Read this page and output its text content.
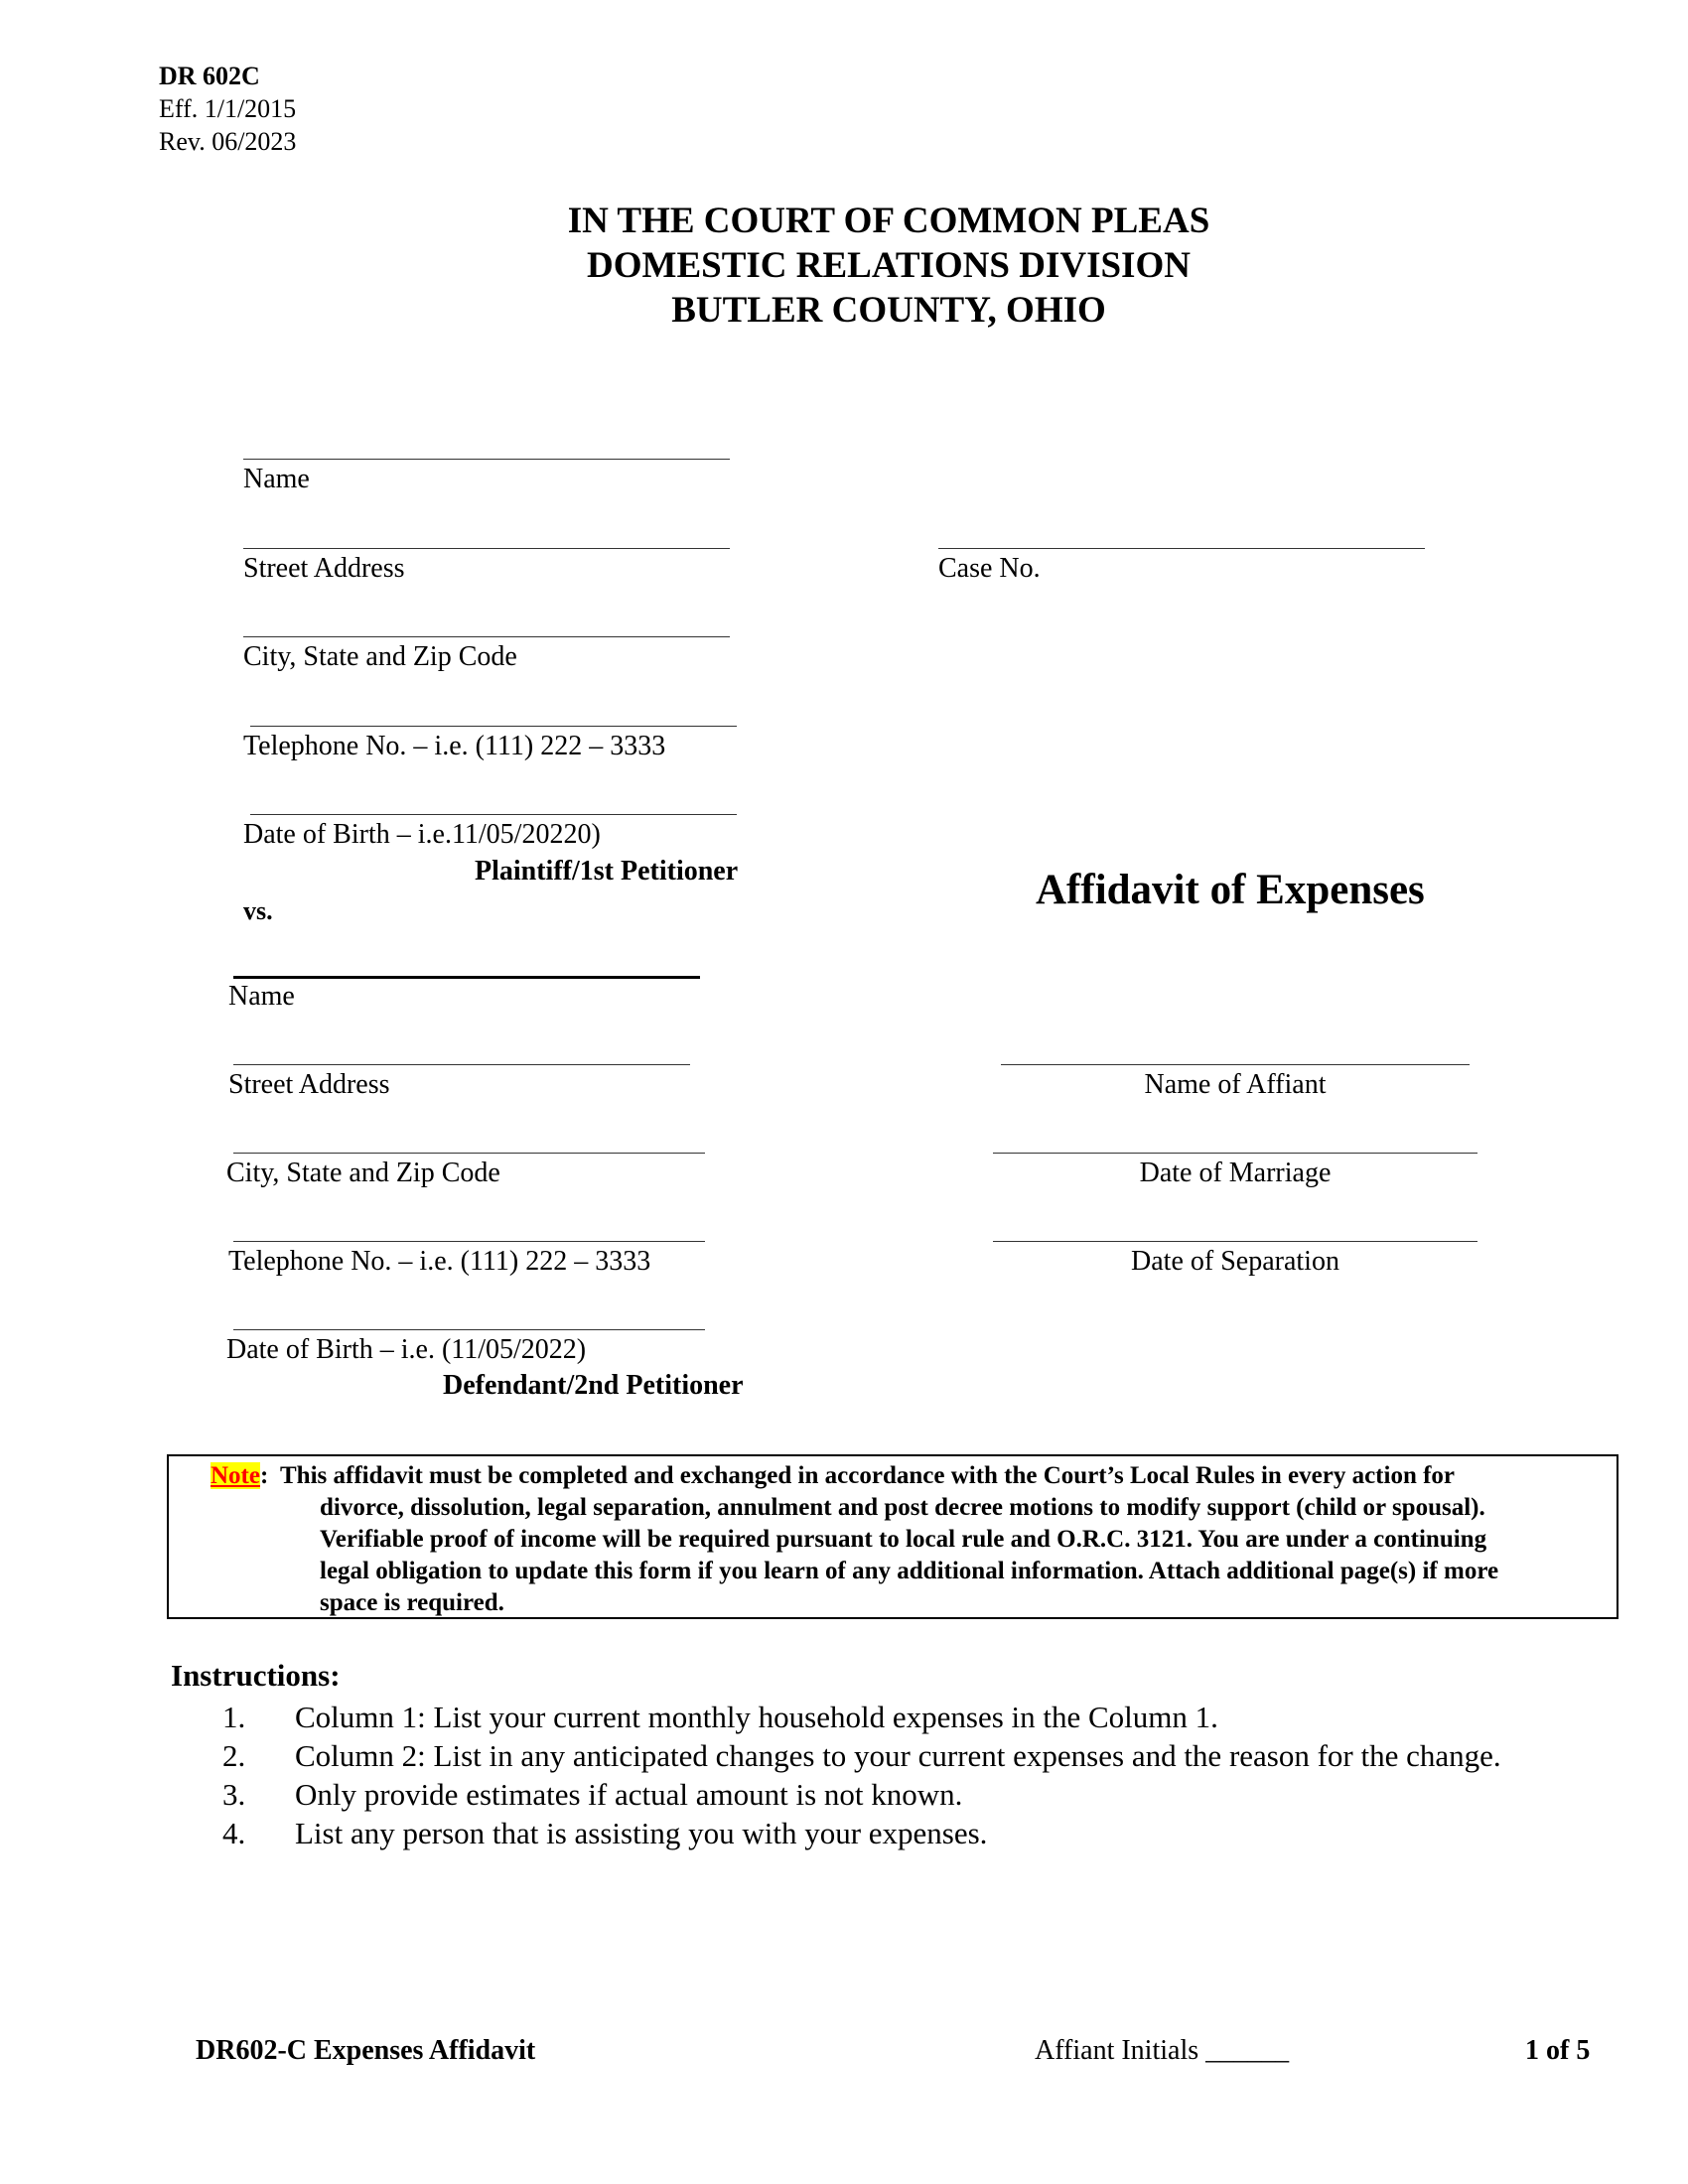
DR 602C
Eff. 1/1/2015
Rev. 06/2023
IN THE COURT OF COMMON PLEAS
DOMESTIC RELATIONS DIVISION
BUTLER COUNTY, OHIO
Name
Street Address
City, State and Zip Code
Telephone No. – i.e. (111) 222 – 3333
Date of Birth – i.e.11/05/20220)
Plaintiff/1st Petitioner
Case No.
vs.	Affidavit of Expenses
Name
Street Address
City, State and Zip Code
Telephone No. – i.e. (111) 222 – 3333
Date of Birth – i.e. (11/05/2022)
Defendant/2nd Petitioner
Name of Affiant
Date of Marriage
Date of Separation
Note: This affidavit must be completed and exchanged in accordance with the Court’s Local Rules in every action for
divorce, dissolution, legal separation, annulment and post decree motions to modify support (child or spousal).
Verifiable proof of income will be required pursuant to local rule and O.R.C. 3121. You are under a continuing
legal obligation to update this form if you learn of any additional information. Attach additional page(s) if more
space is required.
Instructions:
1.	Column 1: List your current monthly household expenses in the Column 1.
2.	Column 2: List in any anticipated changes to your current expenses and the reason for the change.
3.	Only provide estimates if actual amount is not known.
4.	List any person that is assisting you with your expenses.
DR602-C Expenses Affidavit	Affiant Initials ______	1 of 5
